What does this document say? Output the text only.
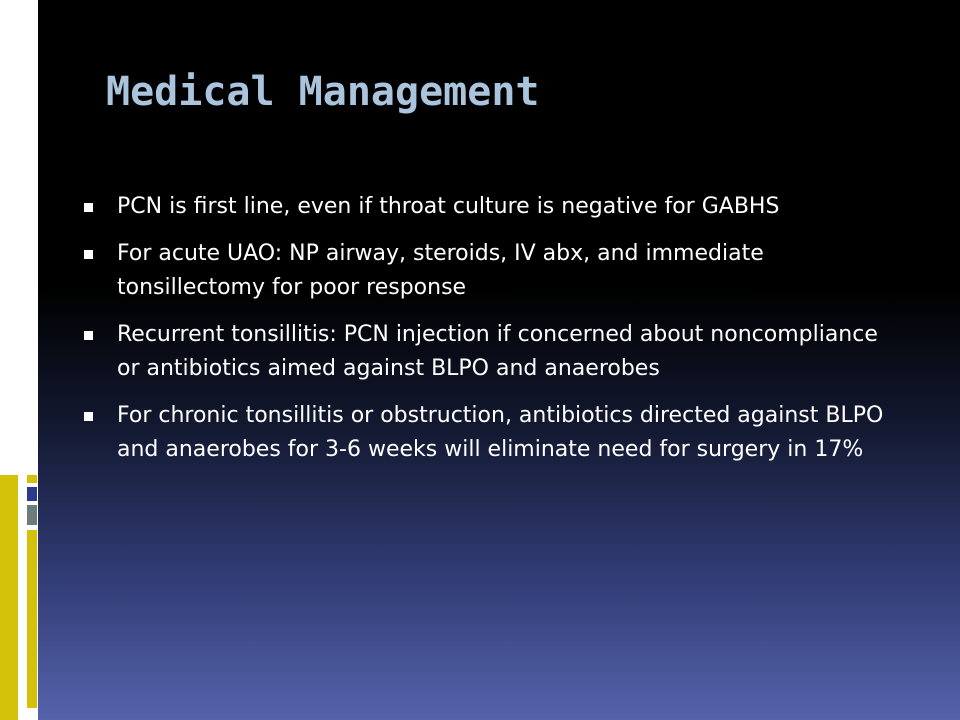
Medical Management
PCN is first line, even if throat culture is negative for GABHS
For acute UAO: NP airway, steroids, IV abx, and immediate tonsillectomy for poor response
Recurrent tonsillitis: PCN injection if concerned about noncompliance or antibiotics aimed against BLPO and anaerobes
For chronic tonsillitis or obstruction, antibiotics directed against BLPO and anaerobes for 3-6 weeks will eliminate need for surgery in 17%
